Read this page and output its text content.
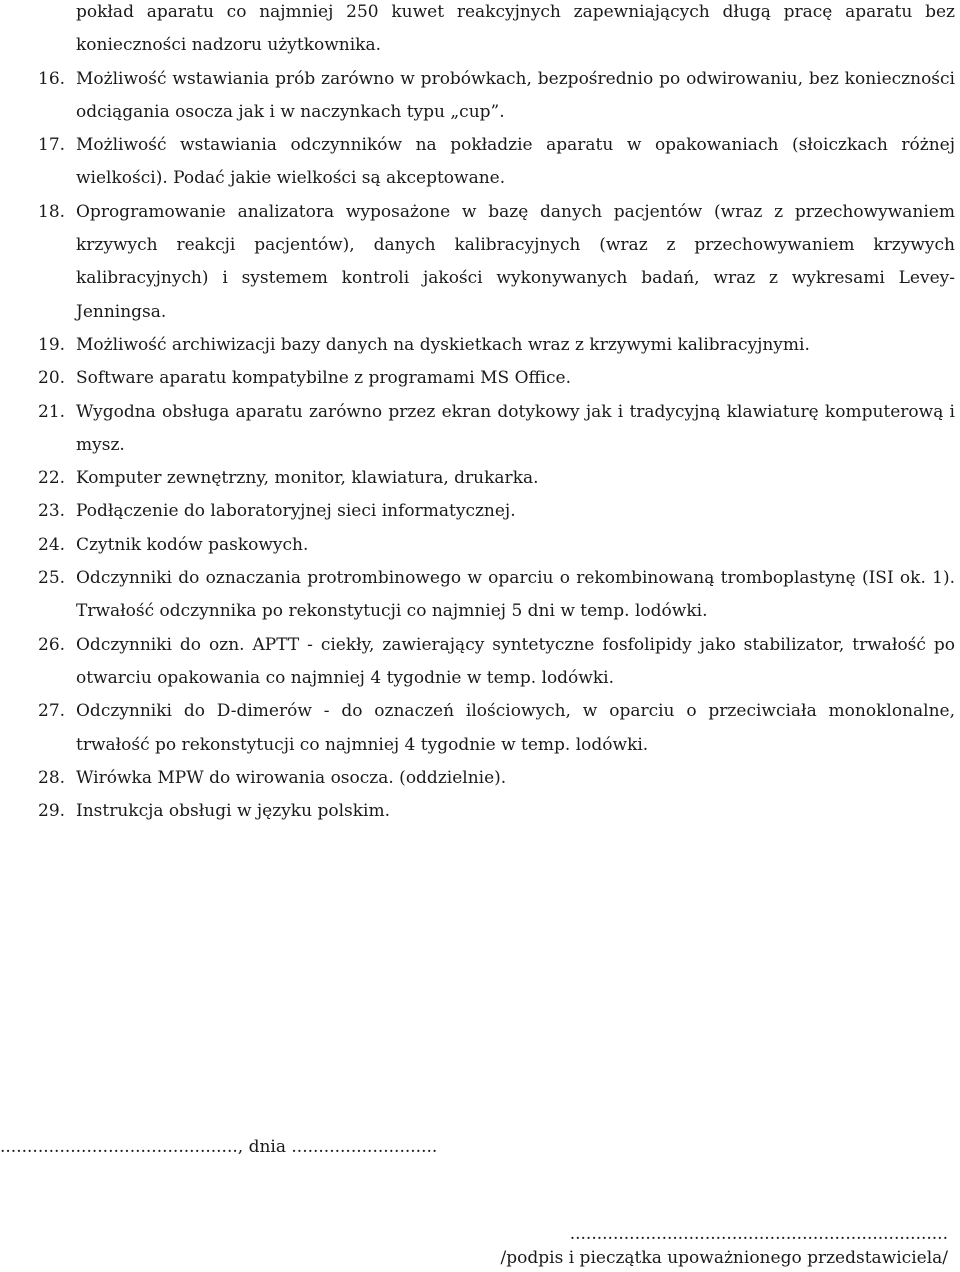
pokład aparatu co najmniej 250 kuwet reakcyjnych zapewniających długą pracę aparatu bez konieczności nadzoru użytkownika.
16. Możliwość wstawiania prób zarówno w probówkach, bezpośrednio po odwirowaniu, bez konieczności odciągania osocza jak i w naczynkach typu „cup”.
17. Możliwość wstawiania odczynników na pokładzie aparatu w opakowaniach (słoiczkach różnej wielkości). Podać jakie wielkości są akceptowane.
18. Oprogramowanie analizatora wyposażone w bazę danych pacjentów (wraz z przechowywaniem krzywych reakcji pacjentów), danych kalibracyjnych (wraz z przechowywaniem krzywych kalibracyjnych) i systemem kontroli jakości wykonywanych badań, wraz z wykresami Levey-Jenningsa.
19. Możliwość archiwizacji bazy danych na dyskietkach wraz z krzywymi kalibracyjnymi.
20. Software aparatu kompatybilne z programami MS Office.
21. Wygodna obsługa aparatu zarówno przez ekran dotykowy jak i tradycyjną klawiaturę komputerową i mysz.
22. Komputer zewnętrzny, monitor, klawiatura, drukarka.
23. Podłączenie do laboratoryjnej sieci informatycznej.
24. Czytnik kodów paskowych.
25. Odczynniki do oznaczania protrombinowego w oparciu o rekombinowaną tromboplastynę (ISI ok. 1). Trwałość odczynnika po rekonstytucji co najmniej 5 dni w temp. lodówki.
26. Odczynniki do ozn. APTT - ciekły, zawierający syntetyczne fosfolipidy jako stabilizator, trwałość po otwarciu opakowania co najmniej 4 tygodnie w temp. lodówki.
27. Odczynniki do D-dimerów - do oznaczeń ilościowych, w oparciu o przeciwciała monoklonalne, trwałość po rekonstytucji co najmniej 4 tygodnie w temp. lodówki.
28. Wirówka MPW do wirowania osocza. (oddzielnie).
29. Instrukcja obsługi w języku polskim.
............................................, dnia ...........................
......................................................................
/podpis i pieczątka upoważnionego przedstawiciela/
